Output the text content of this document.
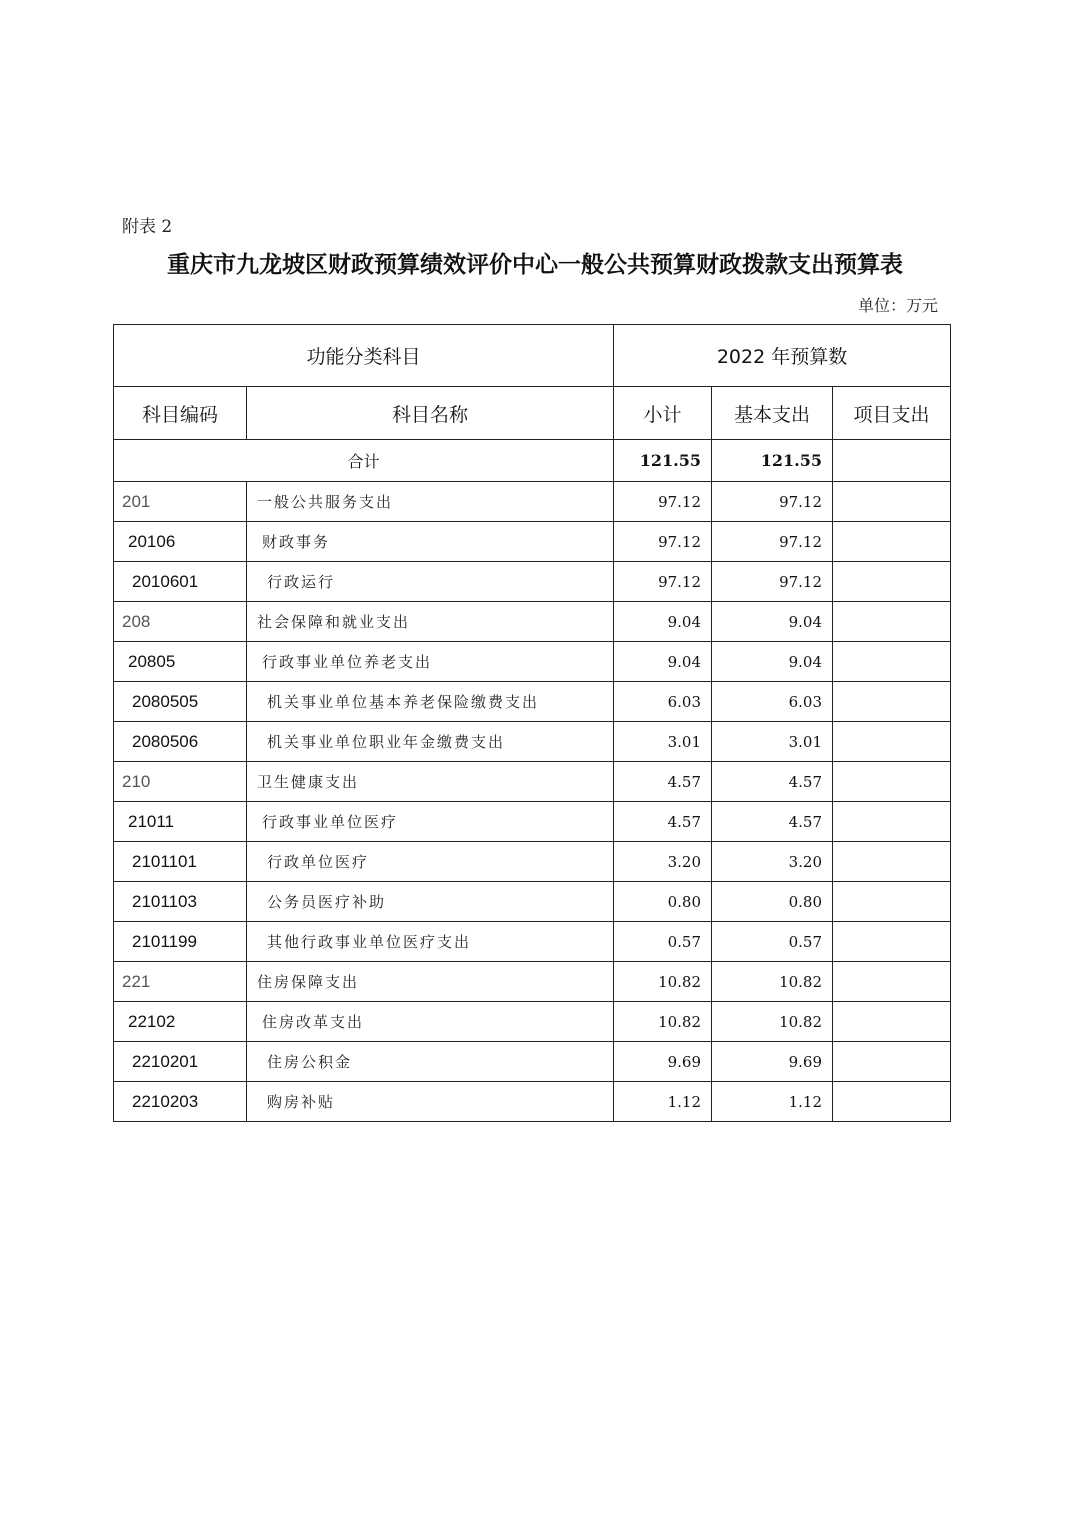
附表 2
重庆市九龙坡区财政预算绩效评价中心一般公共预算财政拨款支出预算表
单位：万元
功能分类科目		2022 年预算数		
科目编码	科目名称	小计	基本支出	项目支出
合计		121.55	121.55	
201	一般公共服务支出	97.12	97.12	
20106	财政事务	97.12	97.12	
2010601	行政运行	97.12	97.12	
208	社会保障和就业支出	9.04	9.04	
20805	行政事业单位养老支出	9.04	9.04	
2080505	机关事业单位基本养老保险缴费支出	6.03	6.03	
2080506	机关事业单位职业年金缴费支出	3.01	3.01	
210	卫生健康支出	4.57	4.57	
21011	行政事业单位医疗	4.57	4.57	
2101101	行政单位医疗	3.20	3.20	
2101103	公务员医疗补助	0.80	0.80	
2101199	其他行政事业单位医疗支出	0.57	0.57	
221	住房保障支出	10.82	10.82	
22102	住房改革支出	10.82	10.82	
2210201	住房公积金	9.69	9.69	
2210203	购房补贴	1.12	1.12	
